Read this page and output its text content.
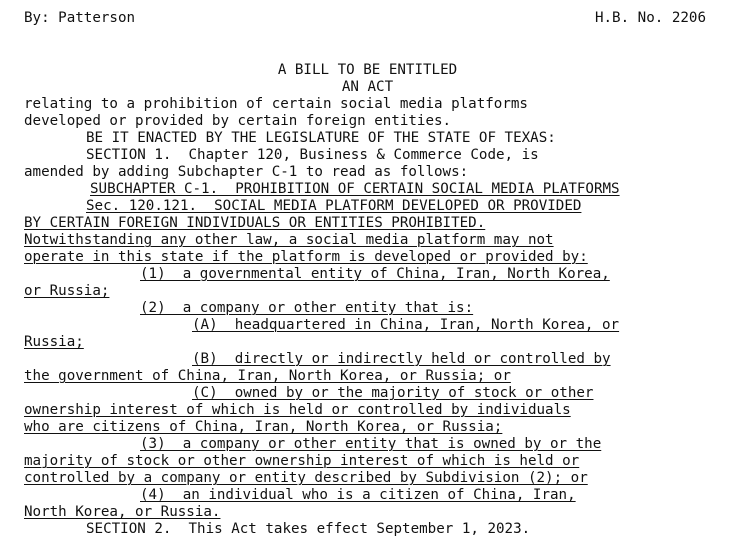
By: Patterson	H.B. No. 2206
A BILL TO BE ENTITLED
AN ACT
relating to a prohibition of certain social media platforms
developed or provided by certain foreign entities.
BE IT ENACTED BY THE LEGISLATURE OF THE STATE OF TEXAS:
SECTION 1.  Chapter 120, Business & Commerce Code, is
amended by adding Subchapter C-1 to read as follows:
SUBCHAPTER C-1.  PROHIBITION OF CERTAIN SOCIAL MEDIA PLATFORMS
Sec. 120.121.  SOCIAL MEDIA PLATFORM DEVELOPED OR PROVIDED
BY CERTAIN FOREIGN INDIVIDUALS OR ENTITIES PROHIBITED.
Notwithstanding any other law, a social media platform may not
operate in this state if the platform is developed or provided by:
(1)  a governmental entity of China, Iran, North Korea,
or Russia;
(2)  a company or other entity that is:
(A)  headquartered in China, Iran, North Korea, or
Russia;
(B)  directly or indirectly held or controlled by
the government of China, Iran, North Korea, or Russia; or
(C)  owned by or the majority of stock or other
ownership interest of which is held or controlled by individuals
who are citizens of China, Iran, North Korea, or Russia;
(3)  a company or other entity that is owned by or the
majority of stock or other ownership interest of which is held or
controlled by a company or entity described by Subdivision (2); or
(4)  an individual who is a citizen of China, Iran,
North Korea, or Russia.
SECTION 2.  This Act takes effect September 1, 2023.
